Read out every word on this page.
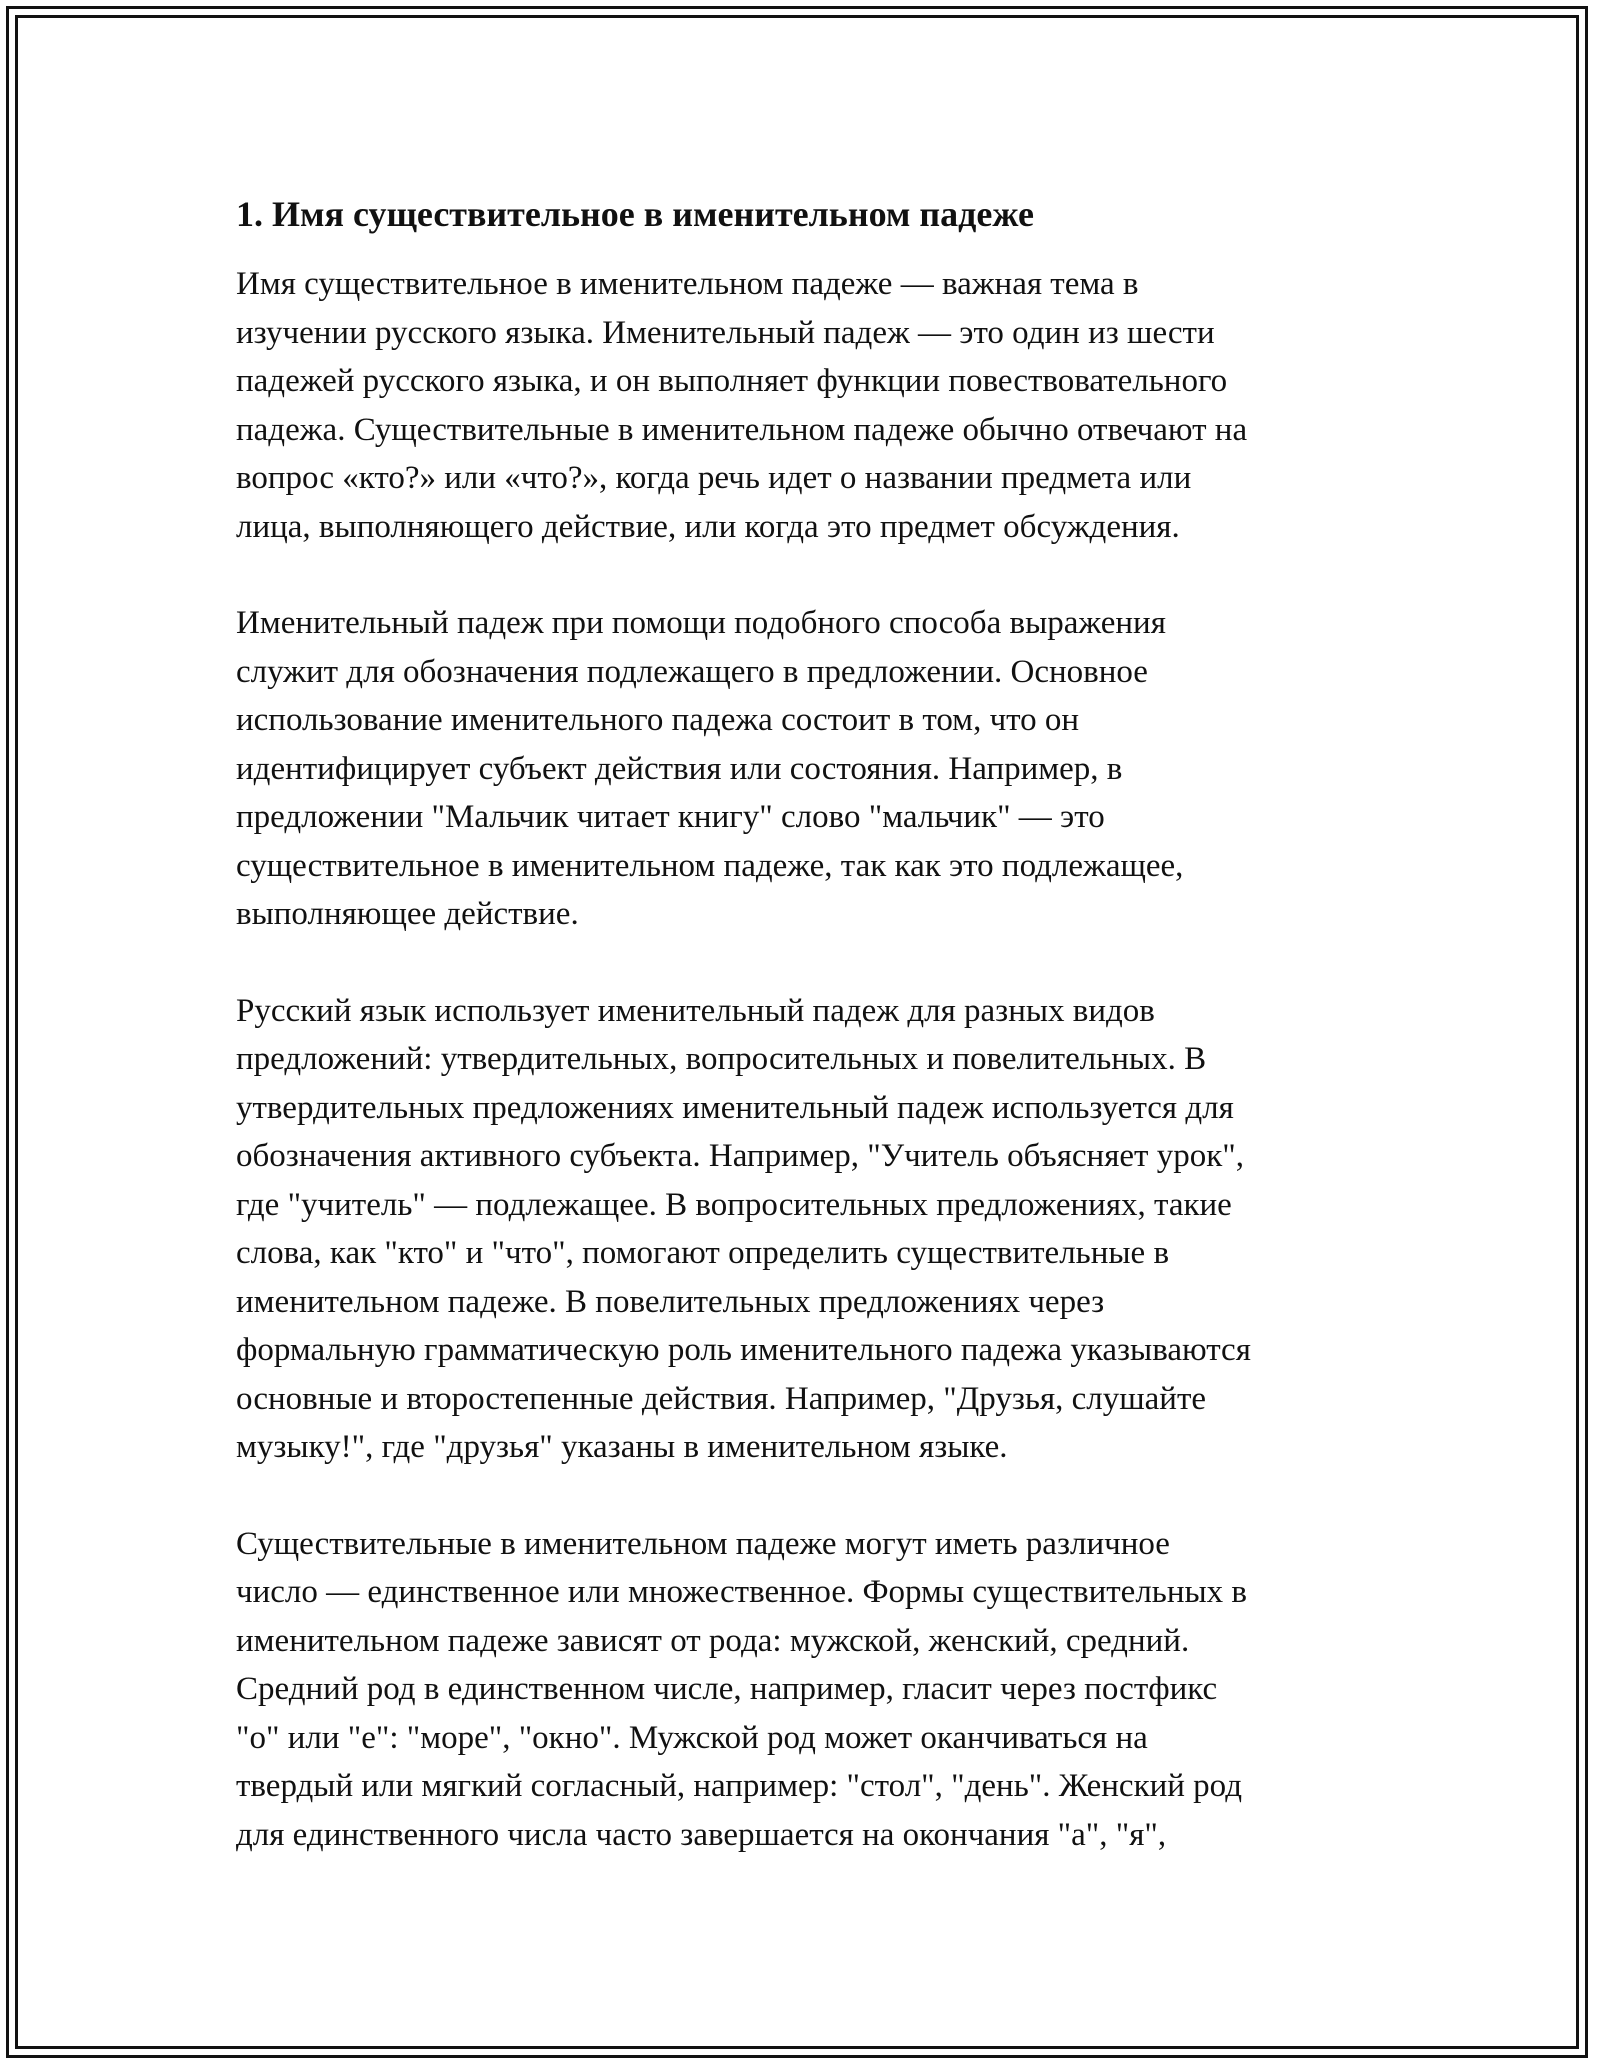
1. Имя существительное в именительном падеже

Имя существительное в именительном падеже — важная тема в
изучении русского языка. Именительный падеж — это один из шести
падежей русского языка, и он выполняет функции повествовательного
падежа. Существительные в именительном падеже обычно отвечают на
вопрос «кто?» или «что?», когда речь идет о названии предмета или
лица, выполняющего действие, или когда это предмет обсуждения.

Именительный падеж при помощи подобного способа выражения
служит для обозначения подлежащего в предложении. Основное
использование именительного падежа состоит в том, что он
идентифицирует субъект действия или состояния. Например, в
предложении "Мальчик читает книгу" слово "мальчик" — это
существительное в именительном падеже, так как это подлежащее,
выполняющее действие.

Русский язык использует именительный падеж для разных видов
предложений: утвердительных, вопросительных и повелительных. В
утвердительных предложениях именительный падеж используется для
обозначения активного субъекта. Например, "Учитель объясняет урок",
где "учитель" — подлежащее. В вопросительных предложениях, такие
слова, как "кто" и "что", помогают определить существительные в
именительном падеже. В повелительных предложениях через
формальную грамматическую роль именительного падежа указываются
основные и второстепенные действия. Например, "Друзья, слушайте
музыку!", где "друзья" указаны в именительном языке.

Существительные в именительном падеже могут иметь различное
число — единственное или множественное. Формы существительных в
именительном падеже зависят от рода: мужской, женский, средний.
Средний род в единственном числе, например, гласит через постфикс
"о" или "е": "море", "окно". Мужской род может оканчиваться на
твердый или мягкий согласный, например: "стол", "день". Женский род
для единственного числа часто завершается на окончания "а", "я",
